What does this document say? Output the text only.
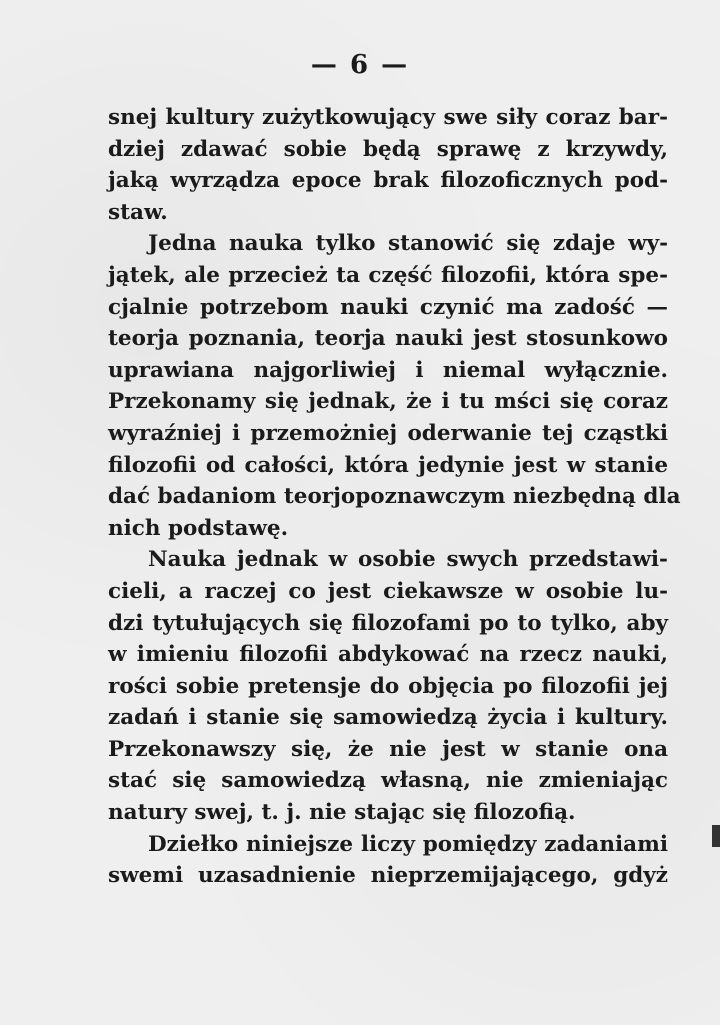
— 6 —
snej kultury zużytkowujący swe siły coraz bar-
dziej zdawać sobie będą sprawę z krzywdy,
jaką wyrządza epoce brak filozoficznych pod-
staw.
Jedna nauka tylko stanowić się zdaje wy-
jątek, ale przecież ta część filozofii, która spe-
cjalnie potrzebom nauki czynić ma zadość —
teorja poznania, teorja nauki jest stosunkowo
uprawiana najgorliwiej i niemal wyłącznie.
Przekonamy się jednak, że i tu mści się coraz
wyraźniej i przemożniej oderwanie tej cząstki
filozofii od całości, która jedynie jest w stanie
dać badaniom teorjopoznawczym niezbędną dla
nich podstawę.
Nauka jednak w osobie swych przedstawi-
cieli, a raczej co jest ciekawsze w osobie lu-
dzi tytułujących się filozofami po to tylko, aby
w imieniu filozofii abdykować na rzecz nauki,
rości sobie pretensje do objęcia po filozofii jej
zadań i stanie się samowiedzą życia i kultury.
Przekonawszy się, że nie jest w stanie ona
stać się samowiedzą własną, nie zmieniając
natury swej, t. j. nie stając się filozofią.
Dziełko niniejsze liczy pomiędzy zadaniami
swemi uzasadnienie nieprzemijającego, gdyż
